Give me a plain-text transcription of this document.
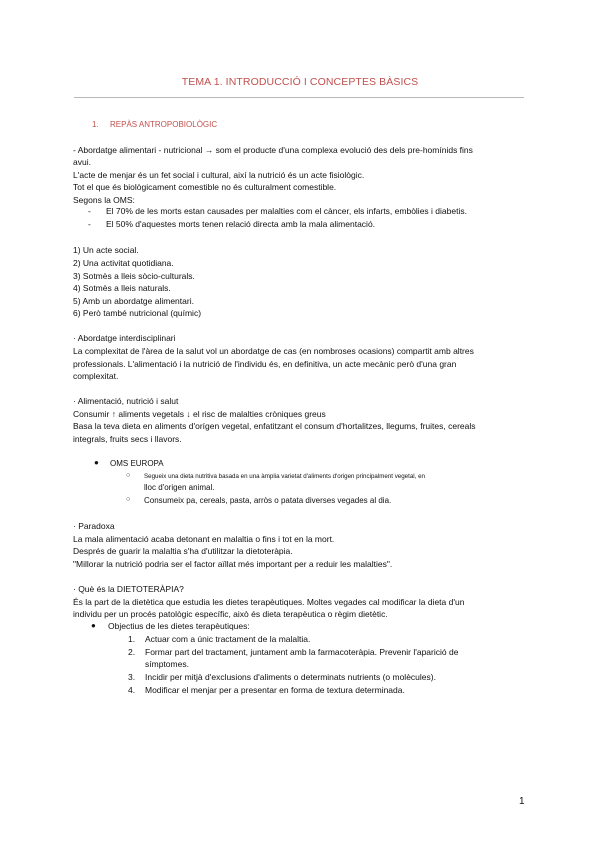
TEMA 1. INTRODUCCIÓ I CONCEPTES BÀSICS
1. REPÀS ANTROPOBIOLÒGIC
- Abordatge alimentari - nutricional → som el producte d'una complexa evolució des dels pre-homínids fins
avui.
L'acte de menjar és un fet social i cultural, així la nutrició és un acte fisiològic.
Tot el que és biològicament comestible no és culturalment comestible.
Segons la OMS:
- El 70% de les morts estan causades per malalties com el càncer, els infarts, embòlies i diabetis.
- El 50% d'aquestes morts tenen relació directa amb la mala alimentació.
1) Un acte social.
2) Una activitat quotidiana.
3) Sotmès a lleis sòcio-culturals.
4) Sotmès a lleis naturals.
5) Amb un abordatge alimentari.
6) Però també nutricional (químic)
· Abordatge interdisciplinari
La complexitat de l'àrea de la salut vol un abordatge de cas (en nombroses ocasions) compartit amb altres
professionals. L'alimentació i la nutrició de l'individu és, en definitiva, un acte mecànic però d'una gran
complexitat.
· Alimentació, nutrició i salut
Consumir ↑ aliments vegetals ↓ el risc de malalties cròniques greus
Basa la teva dieta en aliments d'orígen vegetal, enfatitzant el consum d'hortalitzes, llegums, fruites, cereals
integrals, fruits secs i llavors.
● OMS EUROPA
○ Segueix una dieta nutritiva basada en una àmplia varietat d'aliments d'origen principalment vegetal, en
lloc d'origen animal.
○ Consumeix pa, cereals, pasta, arròs o patata diverses vegades al dia.
· Paradoxa
La mala alimentació acaba detonant en malaltia o fins i tot en la mort.
Després de guarir la malaltia s'ha d'utilitzar la dietoteràpia.
"Millorar la nutrició podria ser el factor aïllat més important per a reduir les malalties".
· Què és la DIETOTERÀPIA?
És la part de la dietètica que estudia les dietes terapèutiques. Moltes vegades cal modificar la dieta d'un
individu per un procés patològic específic, això és dieta terapèutica o règim dietètic.
● Objectius de les dietes terapèutiques:
1. Actuar com a únic tractament de la malaltia.
2. Formar part del tractament, juntament amb la farmacoteràpia. Prevenir l'aparició de
símptomes.
3. Incidir per mitjà d'exclusions d'aliments o determinats nutrients (o molècules).
4. Modificar el menjar per a presentar en forma de textura determinada.
1
